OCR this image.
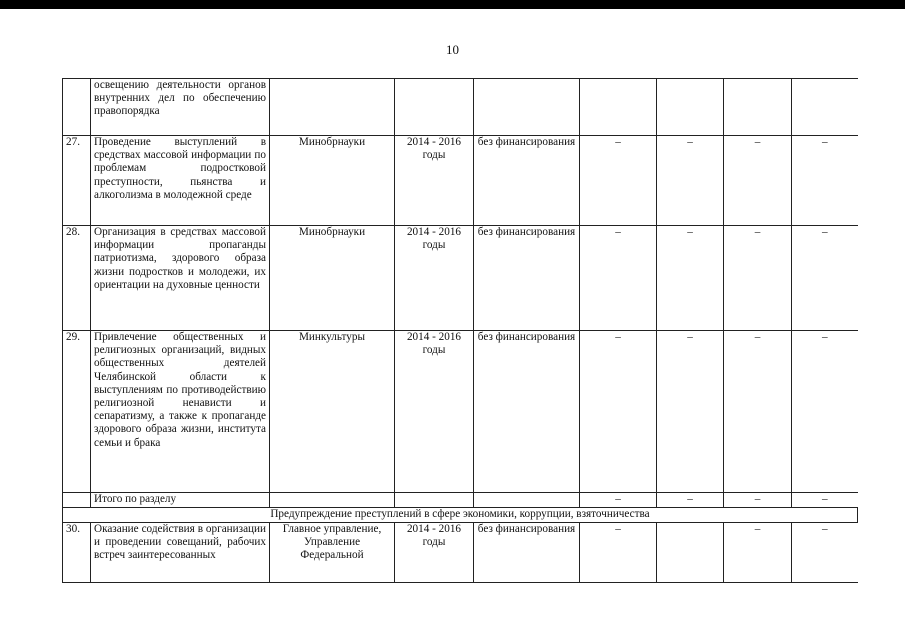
10
	освещению деятельности органов внутренних дел по обеспечению правопорядка							
27.	Проведение выступлений в средствах массовой информации по проблемам подростковой преступности, пьянства и алкоголизма в молодежной среде	Минобрнауки	2014 - 2016 годы	без финансирования	–	–	–	–
28.	Организация в средствах массовой информации пропаганды патриотизма, здорового образа жизни подростков и молодежи, их ориентации на духовные ценности	Минобрнауки	2014 - 2016 годы	без финансирования	–	–	–	–
29.	Привлечение общественных и религиозных организаций, видных общественных деятелей Челябинской области к выступлениям по противодействию религиозной ненависти и сепаратизму, а также к пропаганде здорового образа жизни, института семьи и брака	Минкультуры	2014 - 2016 годы	без финансирования	–	–	–	–
	Итого по разделу				–	–	–	–
Предупреждение преступлений в сфере экономики, коррупции, взяточничества								
30.	Оказание содействия в организации и проведении совещаний, рабочих встреч заинтересованных	Главное управление, Управление Федеральной	2014 - 2016 годы	без финансирования	–		–	–
